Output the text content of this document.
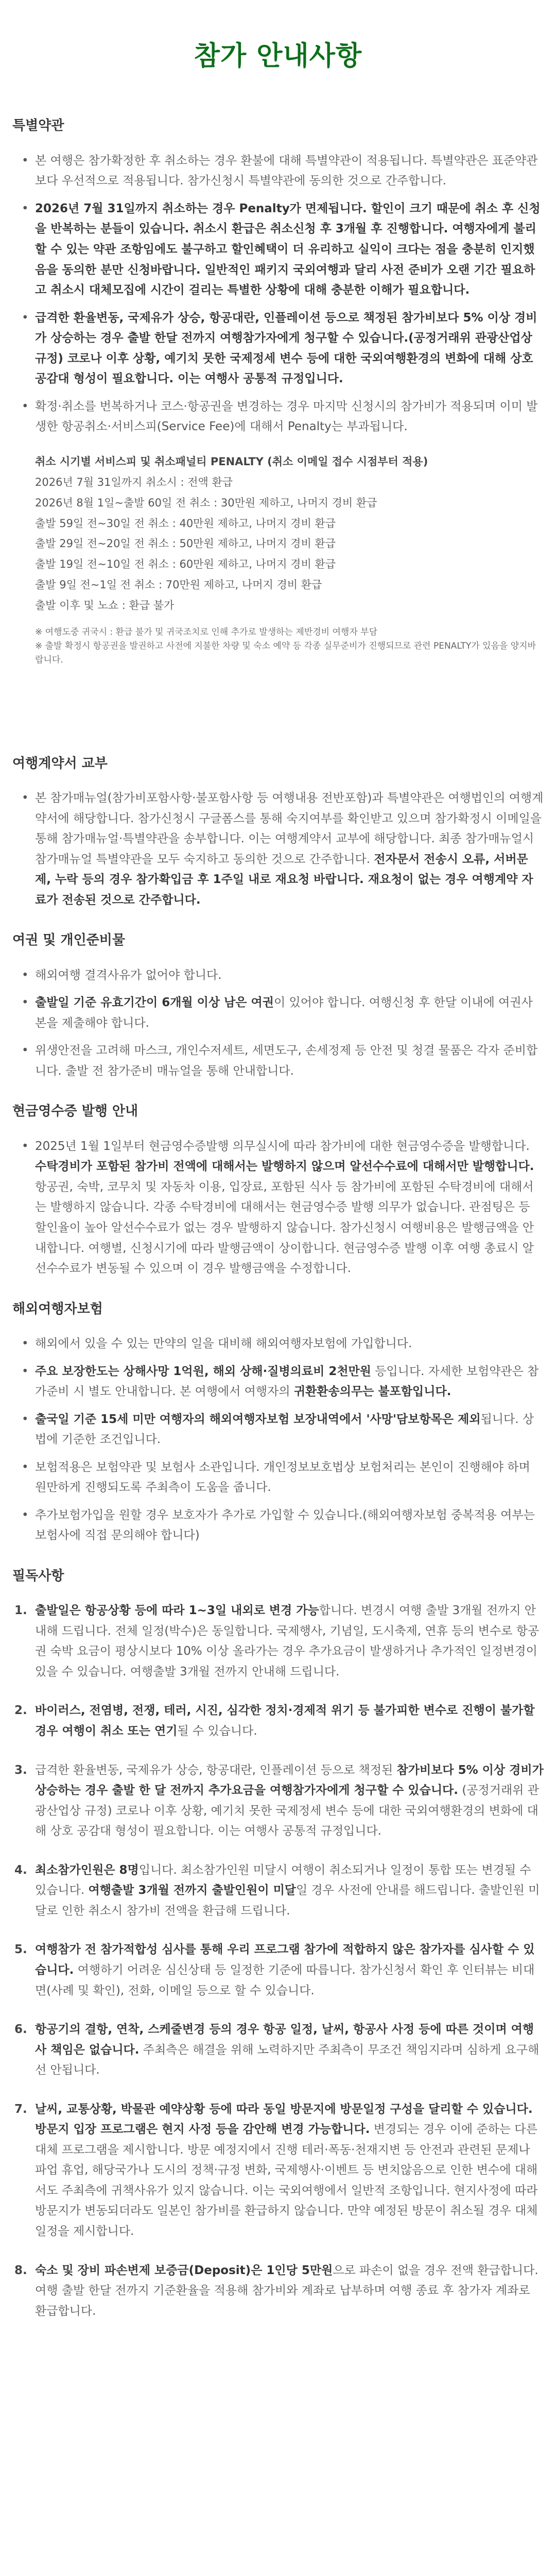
참가 안내사항
특별약관
• 본 여행은 참가확정한 후 취소하는 경우 환불에 대해 특별약관이 적용됩니다. 특별약관은 표준약관보다 우선적으로 적용됩니다. 참가신청시 특별약관에 동의한 것으로 간주합니다.
• 2026년 7월 31일까지 취소하는 경우 Penalty가 면제됩니다. 할인이 크기 때문에 취소 후 신청을 반복하는 분들이 있습니다. 취소시 환급은 취소신청 후 3개월 후 진행합니다. 여행자에게 불리할 수 있는 약관 조항임에도 불구하고 할인혜택이 더 유리하고 실익이 크다는 점을 충분히 인지했음을 동의한 분만 신청바랍니다. 일반적인 패키지 국외여행과 달리 사전 준비가 오랜 기간 필요하고 취소시 대체모집에 시간이 걸리는 특별한 상황에 대해 충분한 이해가 필요합니다.
• 급격한 환율변동, 국제유가 상승, 항공대란, 인플레이션 등으로 책정된 참가비보다 5% 이상 경비가 상승하는 경우 출발 한달 전까지 여행참가자에게 청구할 수 있습니다.(공정거래위 관광산업상 규정) 코로나 이후 상황, 예기치 못한 국제정세 변수 등에 대한 국외여행환경의 변화에 대해 상호 공감대 형성이 필요합니다. 이는 여행사 공통적 규정입니다.
• 확정·취소를 번복하거나 코스·항공권을 변경하는 경우 마지막 신청시의 참가비가 적용되며 이미 발생한 항공취소·서비스피(Service Fee)에 대해서 Penalty는 부과됩니다.
취소 시기별 서비스피 및 취소패널티 PENALTY (취소 이메일 접수 시점부터 적용)
2026년 7월 31일까지 취소시 : 전액 환급
2026년 8월 1일~출발 60일 전 취소 : 30만원 제하고, 나머지 경비 환급
출발 59일 전~30일 전 취소 : 40만원 제하고, 나머지 경비 환급
출발 29일 전~20일 전 취소 : 50만원 제하고, 나머지 경비 환급
출발 19일 전~10일 전 취소 : 60만원 제하고, 나머지 경비 환급
출발 9일 전~1일 전 취소 : 70만원 제하고, 나머지 경비 환급
출발 이후 및 노쇼 : 환급 불가
※ 여행도중 귀국시 : 환급 불가 및 귀국조치로 인해 추가로 발생하는 제반경비 여행자 부담
※ 출발 확정시 항공권을 발권하고 사전에 지불한 차량 및 숙소 예약 등 각종 실무준비가 진행되므로 관련 PENALTY가 있음을 양지바랍니다.
여행계약서 교부
• 본 참가매뉴얼(참가비포함사항·불포함사항 등 여행내용 전반포함)과 특별약관은 여행법인의 여행계약서에 해당합니다. 참가신청시 구글폼스를 통해 숙지여부를 확인받고 있으며 참가확정시 이메일을 통해 참가매뉴얼·특별약관을 송부합니다. 이는 여행계약서 교부에 해당합니다. 최종 참가매뉴얼시 참가매뉴얼 특별약관을 모두 숙지하고 동의한 것으로 간주합니다. 전자문서 전송시 오류, 서버문제, 누락 등의 경우 참가확입금 후 1주일 내로 재요청 바랍니다. 재요청이 없는 경우 여행계약 자료가 전송된 것으로 간주합니다.
여권 및 개인준비물
• 해외여행 결격사유가 없어야 합니다.
• 출발일 기준 유효기간이 6개월 이상 남은 여권이 있어야 합니다. 여행신청 후 한달 이내에 여권사본을 제출해야 합니다.
• 위생안전을 고려해 마스크, 개인수저세트, 세면도구, 손세정제 등 안전 및 청결 물품은 각자 준비합니다. 출발 전 참가준비 매뉴얼을 통해 안내합니다.
현금영수증 발행 안내
• 2025년 1월 1일부터 현금영수증발행 의무실시에 따라 참가비에 대한 현금영수증을 발행합니다. 수탁경비가 포함된 참가비 전액에 대해서는 발행하지 않으며 알선수수료에 대해서만 발행합니다. 항공권, 숙박, 코무치 및 자동차 이용, 입장료, 포함된 식사 등 참가비에 포함된 수탁경비에 대해서는 발행하지 않습니다. 각종 수탁경비에 대해서는 현금영수증 발행 의무가 없습니다. 관점팅은 등 할인율이 높아 알선수수료가 없는 경우 발행하지 않습니다. 참가신청시 여행비용은 발행금액을 안내합니다. 여행별, 신청시기에 따라 발행금액이 상이합니다. 현금영수증 발행 이후 여행 총료시 알선수수료가 변동될 수 있으며 이 경우 발행금액을 수정합니다.
해외여행자보험
• 해외에서 있을 수 있는 만약의 일을 대비해 해외여행자보험에 가입합니다.
• 주요 보장한도는 상해사망 1억원, 해외 상해·질병의료비 2천만원 등입니다. 자세한 보험약관은 참가준비 시 별도 안내합니다. 본 여행에서 여행자의 귀환환송의무는 불포함입니다.
• 출국일 기준 15세 미만 여행자의 해외여행자보험 보장내역에서 '사망'담보항목은 제외됩니다. 상법에 기준한 조건입니다.
• 보험적용은 보험약관 및 보험사 소관입니다. 개인정보보호법상 보험처리는 본인이 진행해야 하며 원만하게 진행되도록 주최측이 도움을 줍니다.
• 추가보험가입을 원할 경우 보호자가 추가로 가입할 수 있습니다.(해외여행자보험 중복적용 여부는 보험사에 직접 문의해야 합니다)
필독사항
1. 출발일은 항공상황 등에 따라 1~3일 내외로 변경 가능합니다. 변경시 여행 출발 3개월 전까지 안내해 드립니다. 전체 일정(박수)은 동일합니다. 국제행사, 기념일, 도시축제, 연휴 등의 변수로 항공권 숙박 요금이 평상시보다 10% 이상 올라가는 경우 추가요금이 발생하거나 추가적인 일정변경이 있을 수 있습니다. 여행출발 3개월 전까지 안내해 드립니다.
2. 바이러스, 전염병, 전쟁, 테러, 시진, 심각한 정치·경제적 위기 등 불가피한 변수로 진행이 불가할 경우 여행이 취소 또는 연기될 수 있습니다.
3. 급격한 환율변동, 국제유가 상승, 항공대란, 인플레이션 등으로 책정된 참가비보다 5% 이상 경비가 상승하는 경우 출발 한 달 전까지 추가요금을 여행참가자에게 청구할 수 있습니다. (공정거래위 관광산업상 규정) 코로나 이후 상황, 예기치 못한 국제정세 변수 등에 대한 국외여행환경의 변화에 대해 상호 공감대 형성이 필요합니다. 이는 여행사 공통적 규정입니다.
4. 최소참가인원은 8명입니다. 최소참가인원 미달시 여행이 취소되거나 일정이 통합 또는 변경될 수 있습니다. 여행출발 3개월 전까지 출발인원이 미달일 경우 사전에 안내를 해드립니다. 출발인원 미달로 인한 취소시 참가비 전액을 환급해 드립니다.
5. 여행참가 전 참가적합성 심사를 통해 우리 프로그램 참가에 적합하지 않은 참가자를 심사할 수 있습니다. 여행하기 어려운 심신상태 등 일정한 기준에 따릅니다. 참가신청서 확인 후 인터뷰는 비대면(사례 및 확인), 전화, 이메일 등으로 할 수 있습니다.
6. 항공기의 결항, 연착, 스케줄변경 등의 경우 항공 일정, 날씨, 항공사 사정 등에 따른 것이며 여행사 책임은 없습니다. 주최측은 해결을 위해 노력하지만 주최측이 무조건 책임지라며 심하게 요구해선 안됩니다.
7. 날씨, 교통상황, 박물관 예약상황 등에 따라 동일 방문지에 방문일정 구성을 달리할 수 있습니다. 방문지 입장 프로그램은 현지 사정 등을 감안해 변경 가능합니다. 변경되는 경우 이에 준하는 다른 대체 프로그램을 제시합니다. 방문 예정지에서 진행 테러·폭동·천재지변 등 안전과 관련된 문제나 파업 휴업, 해당국가나 도시의 정책·규정 변화, 국제행사·이벤트 등 변치않음으로 인한 변수에 대해서도 주최측에 귀책사유가 있지 않습니다. 이는 국외여행에서 일반적 조항입니다. 현지사정에 따라 방문지가 변동되더라도 일본인 참가비를 환급하지 않습니다. 만약 예정된 방문이 취소될 경우 대체일정을 제시합니다.
8. 숙소 및 장비 파손변제 보증금(Deposit)은 1인당 5만원으로 파손이 없을 경우 전액 환급합니다. 여행 출발 한달 전까지 기준환율을 적용해 참가비와 계좌로 납부하며 여행 종료 후 참가자 계좌로 환급합니다.
